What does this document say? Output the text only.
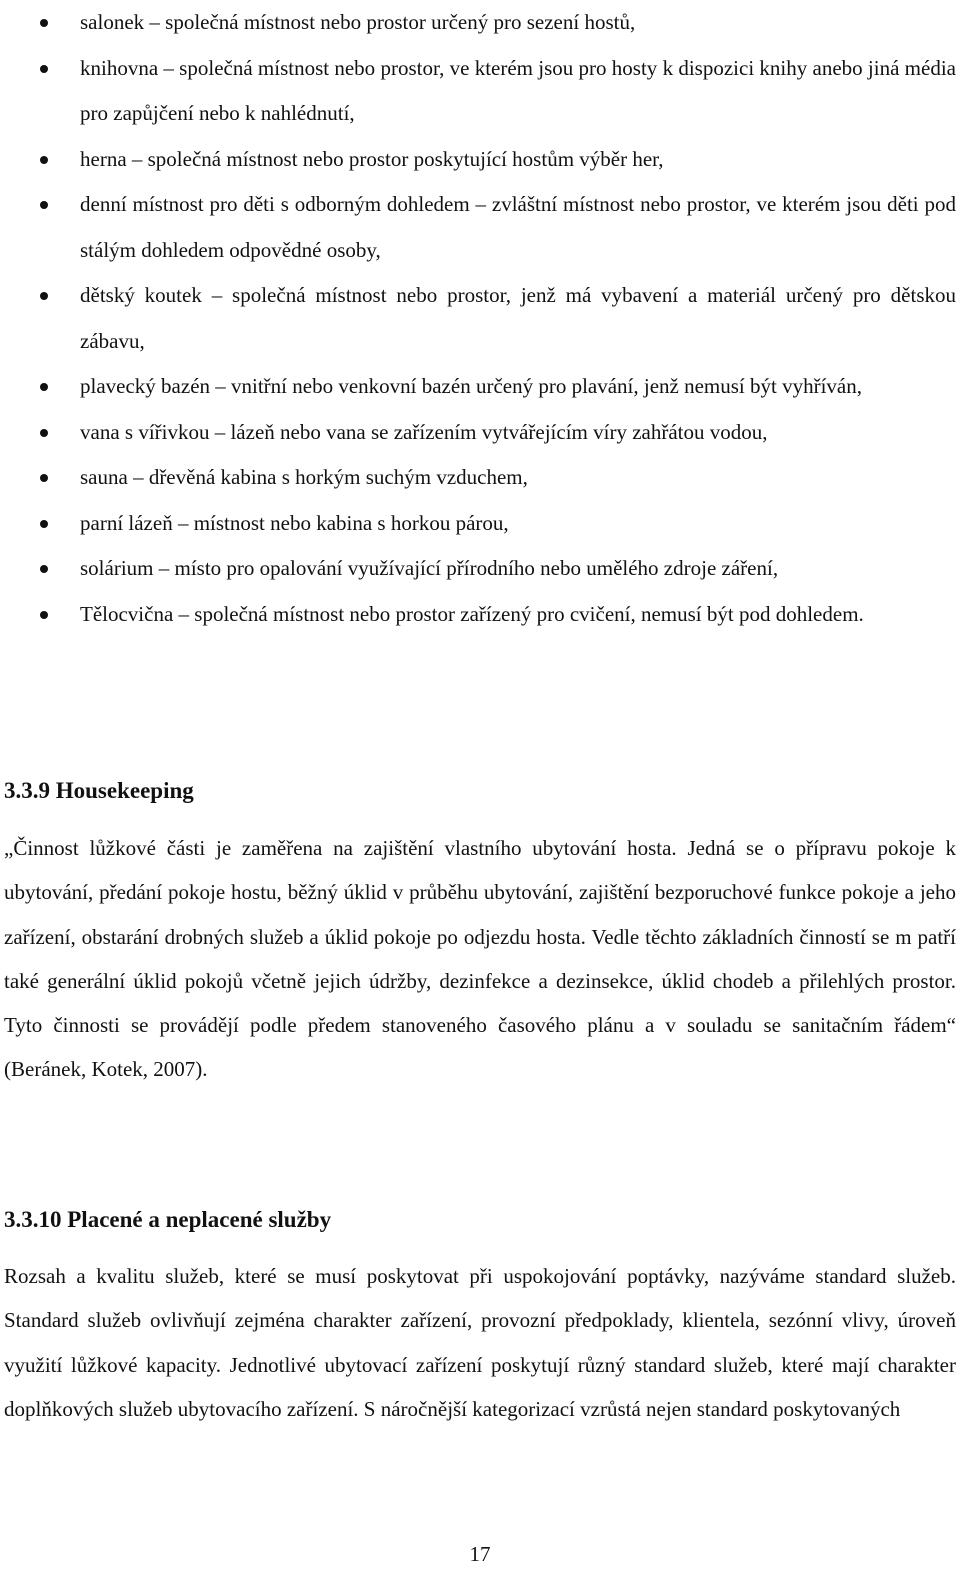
salonek – společná místnost nebo prostor určený pro sezení hostů,
knihovna – společná místnost nebo prostor, ve kterém jsou pro hosty k dispozici knihy anebo jiná média pro zapůjčení nebo k nahlédnutí,
herna – společná místnost nebo prostor poskytující hostům výběr her,
denní místnost pro děti s odborným dohledem – zvláštní místnost nebo prostor, ve kterém jsou děti pod stálým dohledem odpovědné osoby,
dětský koutek – společná místnost nebo prostor, jenž má vybavení a materiál určený pro dětskou zábavu,
plavecký bazén – vnitřní nebo venkovní bazén určený pro plavání, jenž nemusí být vyhříván,
vana s vířivkou – lázeň nebo vana se zařízením vytvářejícím víry zahřátou vodou,
sauna – dřevěná kabina s horkým suchým vzduchem,
parní lázeň – místnost nebo kabina s horkou párou,
solárium – místo pro opalování využívající přírodního nebo umělého zdroje záření,
Tělocvična – společná místnost nebo prostor zařízený pro cvičení, nemusí být pod dohledem.
3.3.9 Housekeeping

„Činnost lůžkové části je zaměřena na zajištění vlastního ubytování hosta. Jedná se o přípravu pokoje k ubytování, předání pokoje hostu, běžný úklid v průběhu ubytování, zajištění bezporuchové funkce pokoje a jeho zařízení, obstarání drobných služeb a úklid pokoje po odjezdu hosta. Vedle těchto základních činností se m patří také generální úklid pokojů včetně jejich údržby, dezinfekce a dezinsekce, úklid chodeb a přilehlých prostor. Tyto činnosti se provádějí podle předem stanoveného časového plánu a v souladu se sanitačním řádem“ (Beránek, Kotek, 2007).

3.3.10 Placené a neplacené služby

Rozsah a kvalitu služeb, které se musí poskytovat při uspokojování poptávky, nazýváme standard služeb. Standard služeb ovlivňují zejména charakter zařízení, provozní předpoklady, klientela, sezónní vlivy, úroveň využití lůžkové kapacity. Jednotlivé ubytovací zařízení poskytují různý standard služeb, které mají charakter doplňkových služeb ubytovacího zařízení. S náročnější kategorizací vzrůstá nejen standard poskytovaných

17
